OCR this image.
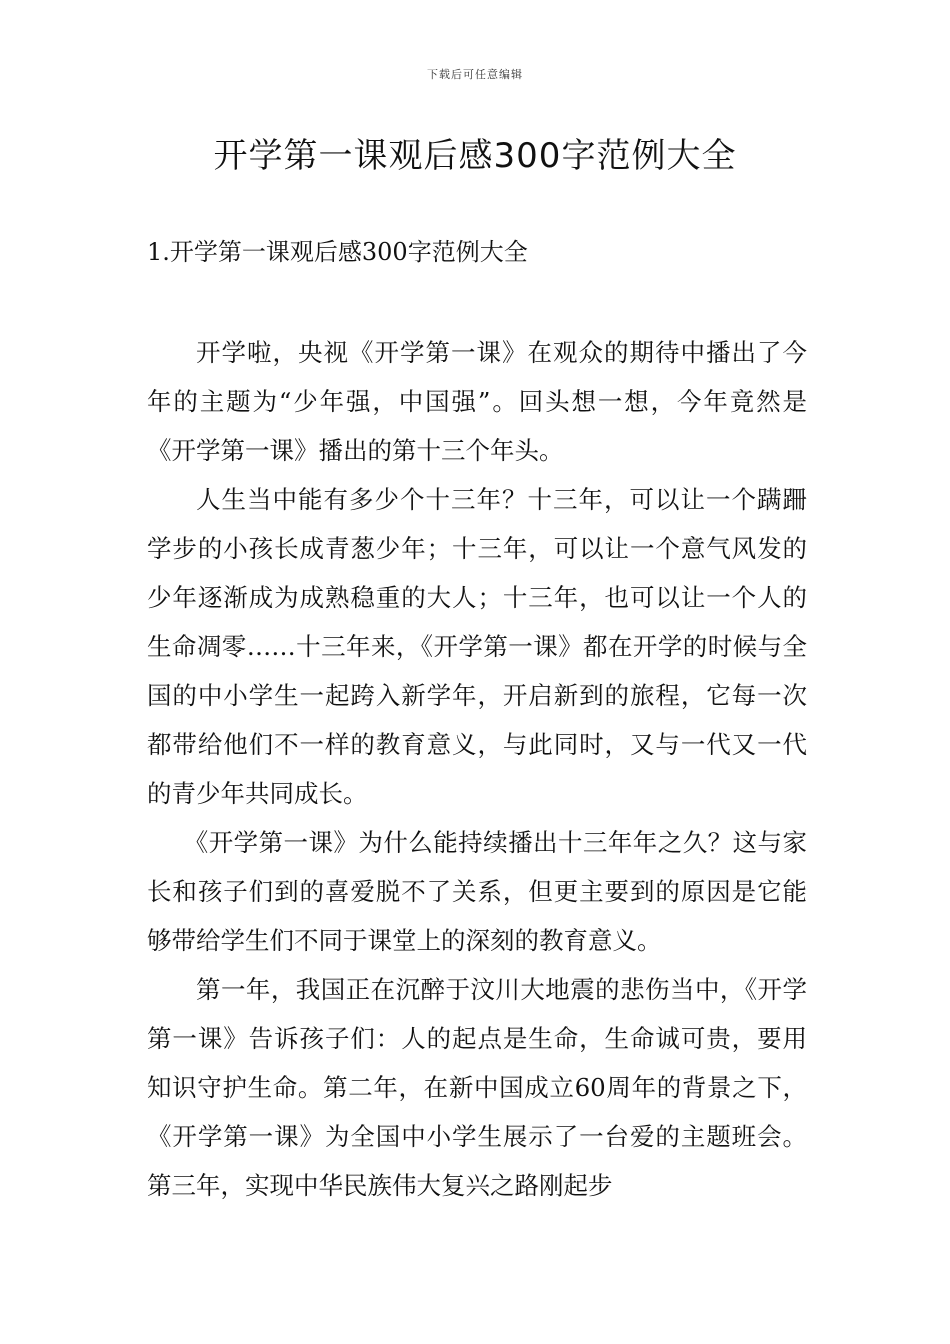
下载后可任意编辑
开学第一课观后感300字范例大全
1.开学第一课观后感300字范例大全

开学啦，央视《开学第一课》在观众的期待中播出了今年的主题为“少年强，中国强”。回头想一想，今年竟然是《开学第一课》播出的第十三个年头。

人生当中能有多少个十三年？十三年，可以让一个蹒跚学步的小孩长成青葱少年；十三年，可以让一个意气风发的少年逐渐成为成熟稳重的大人；十三年，也可以让一个人的生命凋零……十三年来，《开学第一课》都在开学的时候与全国的中小学生一起跨入新学年，开启新到的旅程，它每一次都带给他们不一样的教育意义，与此同时，又与一代又一代的青少年共同成长。

《开学第一课》为什么能持续播出十三年年之久？这与家长和孩子们到的喜爱脱不了关系，但更主要到的原因是它能够带给学生们不同于课堂上的深刻的教育意义。

第一年，我国正在沉醉于汶川大地震的悲伤当中，《开学第一课》告诉孩子们：人的起点是生命，生命诚可贵，要用知识守护生命。第二年，在新中国成立60周年的背景之下，《开学第一课》为全国中小学生展示了一台爱的主题班会。第三年，实现中华民族伟大复兴之路刚起步
